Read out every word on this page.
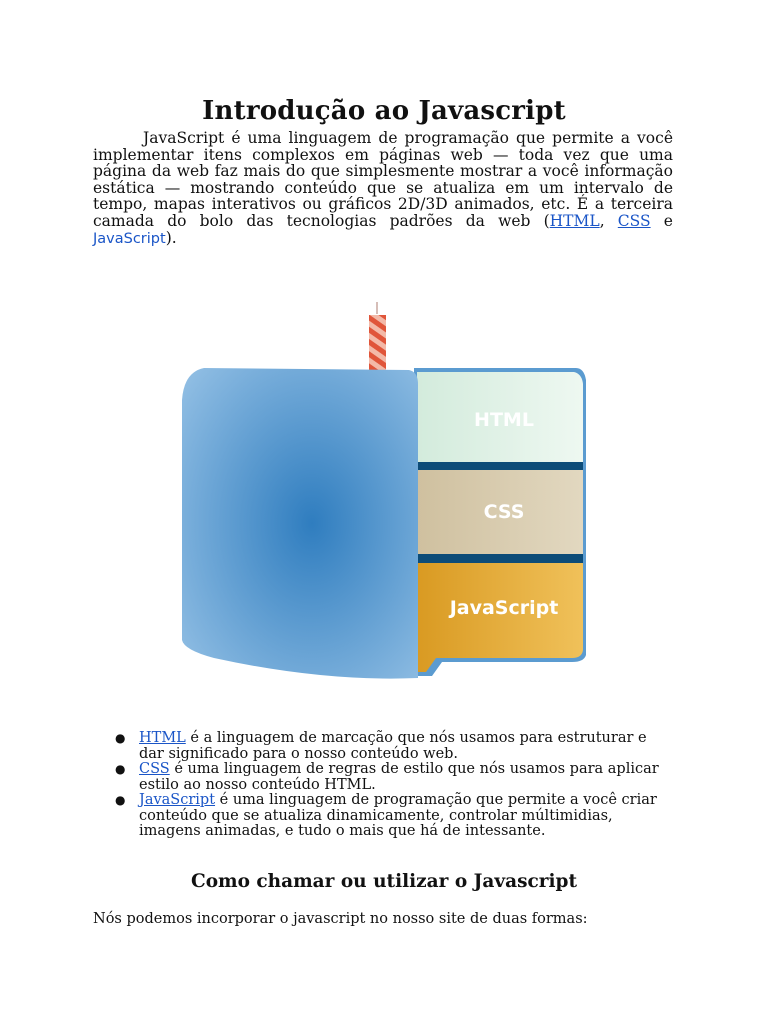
Introdução ao Javascript

JavaScript é uma linguagem de programação que permite a você implementar itens complexos em páginas web — toda vez que uma página da web faz mais do que simplesmente mostrar a você informação estática — mostrando conteúdo que se atualiza em um intervalo de tempo, mapas interativos ou gráficos 2D/3D animados, etc. É a terceira camada do bolo das tecnologias padrões da web (HTML, CSS e JavaScript).

HTML
CSS
JavaScript
● HTML é a linguagem de marcação que nós usamos para estruturar e dar significado para o nosso conteúdo web.
● CSS é uma linguagem de regras de estilo que nós usamos para aplicar estilo ao nosso conteúdo HTML.
● JavaScript é uma linguagem de programação que permite a você criar conteúdo que se atualiza dinamicamente, controlar múltimidias, imagens animadas, e tudo o mais que há de intessante.
Como chamar ou utilizar o Javascript

Nós podemos incorporar o javascript no nosso site de duas formas:
